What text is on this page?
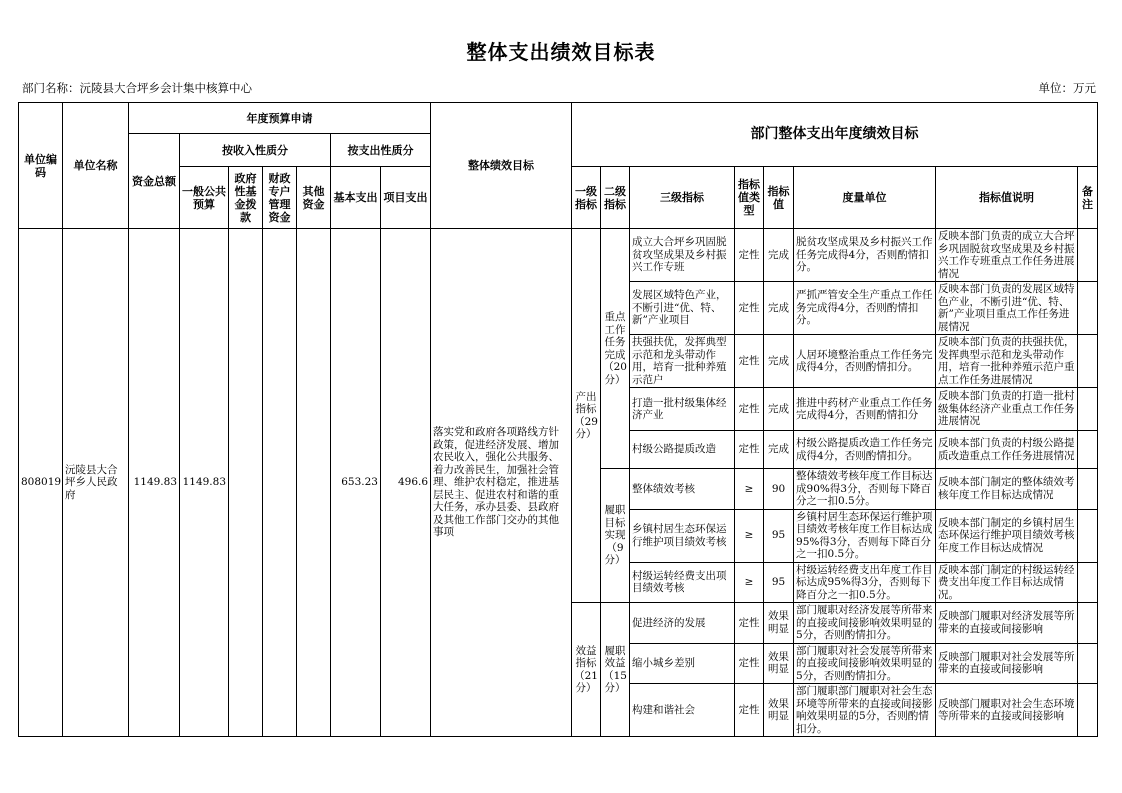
整体支出绩效目标表
部门名称：沅陵县大合坪乡会计集中核算中心	单位：万元
单位编码	单位名称	年度预算申请							整体绩效目标	部门整体支出年度绩效目标							
		资金总额	按收入性质分				按支出性质分										
			一般公共预算	政府性基金拨款	财政专户管理资金	其他资金	基本支出	项目支出									
										一级指标	二级指标	三级指标	指标值类型	指标值	度量单位	指标值说明	备注
808019	沅陵县大合坪乡人民政府	1149.83	1149.83				653.23	496.6	落实党和政府各项路线方针政策，促进经济发展、增加农民收入，强化公共服务、着力改善民生，加强社会管理、维护农村稳定，推进基层民主、促进农村和谐的重大任务，承办县委、县政府及其他工作部门交办的其他事项	产出指标（29分）	重点工作任务完成（20分）	成立大合坪乡巩固脱贫攻坚成果及乡村振兴工作专班	定性	完成	脱贫攻坚成果及乡村振兴工作任务完成得4分，否则酌情扣分。	反映本部门负责的成立大合坪乡巩固脱贫攻坚成果及乡村振兴工作专班重点工作任务进展情况	
												发展区域特色产业，不断引进“优、特、新”产业项目	定性	完成	严抓严管安全生产重点工作任务完成得4分，否则酌情扣分。	反映本部门负责的发展区域特色产业，不断引进“优、特、新”产业项目重点工作任务进展情况	
												扶强扶优，发挥典型示范和龙头带动作用，培育一批种养殖示范户	定性	完成	人居环境整治重点工作任务完成得4分，否则酌情扣分。	反映本部门负责的扶强扶优，发挥典型示范和龙头带动作用，培育一批种养殖示范户重点工作任务进展情况	
												打造一批村级集体经济产业	定性	完成	推进中药材产业重点工作任务完成得4分，否则酌情扣分	反映本部门负责的打造一批村级集体经济产业重点工作任务进展情况	
												村级公路提质改造	定性	完成	村级公路提质改造工作任务完成得4分，否则酌情扣分。	反映本部门负责的村级公路提质改造重点工作任务进展情况	
											履职目标实现（9分）	整体绩效考核	≥	90	整体绩效考核年度工作目标达成90%得3分，否则每下降百分之一扣0.5分。	反映本部门制定的整体绩效考核年度工作目标达成情况	
												乡镇村居生态环保运行维护项目绩效考核	≥	95	乡镇村居生态环保运行维护项目绩效考核年度工作目标达成95%得3分，否则每下降百分之一扣0.5分。	反映本部门制定的乡镇村居生态环保运行维护项目绩效考核年度工作目标达成情况	
												村级运转经费支出项目绩效考核	≥	95	村级运转经费支出年度工作目标达成95%得3分，否则每下降百分之一扣0.5分。	反映本部门制定的村级运转经费支出年度工作目标达成情况。	
										效益指标（21分）	履职效益（15分）	促进经济的发展	定性	效果明显	部门履职对经济发展等所带来的直接或间接影响效果明显的5分，否则酌情扣分。	反映部门履职对经济发展等所带来的直接或间接影响	
												缩小城乡差别	定性	效果明显	部门履职对社会发展等所带来的直接或间接影响效果明显的5分，否则酌情扣分。	反映部门履职对社会发展等所带来的直接或间接影响	
												构建和谐社会	定性	效果明显	部门履职部门履职对社会生态环境等所带来的直接或间接影响效果明显的5分，否则酌情扣分。	反映部门履职对社会生态环境等所带来的直接或间接影响	
